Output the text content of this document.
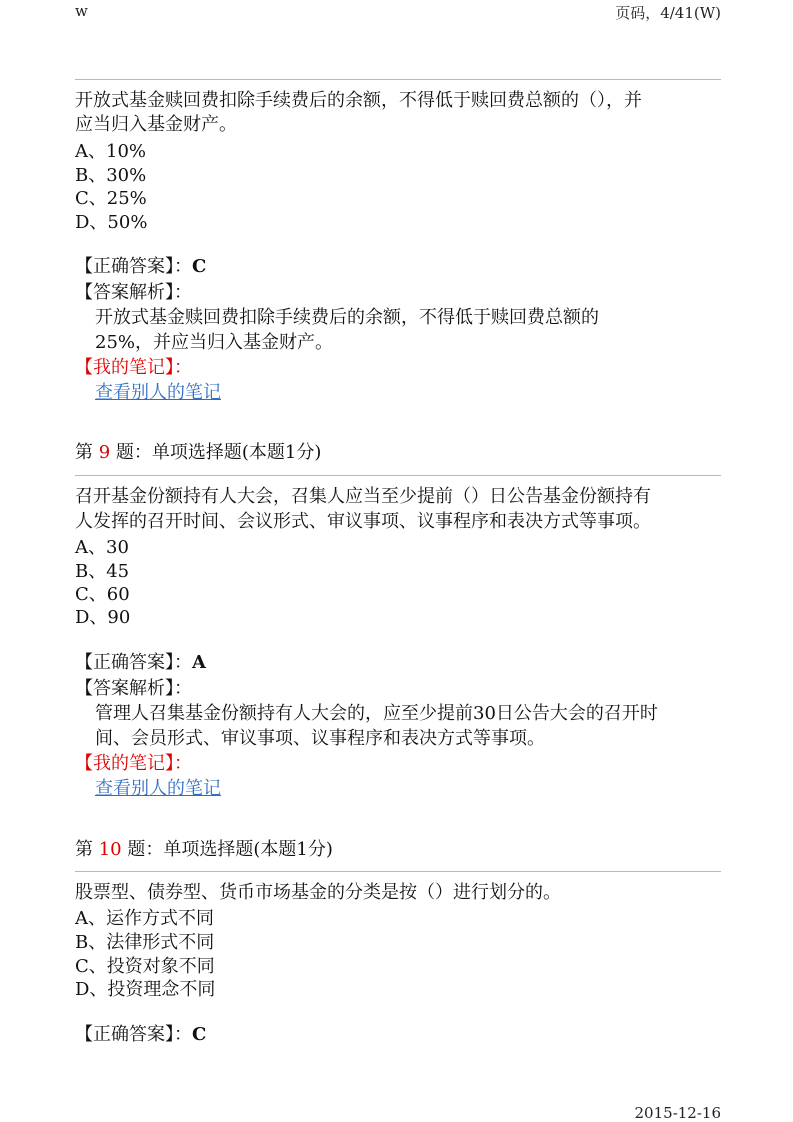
w	页码，4/41(W)
开放式基金赎回费扣除手续费后的余额，不得低于赎回费总额的（），并
应当归入基金财产。
A、10%
B、30%
C、25%
D、50%
【正确答案】：C
【答案解析】：
开放式基金赎回费扣除手续费后的余额，不得低于赎回费总额的
25%，并应当归入基金财产。
【我的笔记】：
查看别人的笔记
第 9 题：单项选择题(本题1分)
召开基金份额持有人大会，召集人应当至少提前（）日公告基金份额持有
人发挥的召开时间、会议形式、审议事项、议事程序和表决方式等事项。
A、30
B、45
C、60
D、90
【正确答案】：A
【答案解析】：
管理人召集基金份额持有人大会的，应至少提前30日公告大会的召开时
间、会员形式、审议事项、议事程序和表决方式等事项。
【我的笔记】：
查看别人的笔记
第 10 题：单项选择题(本题1分)
股票型、债券型、货币市场基金的分类是按（）进行划分的。
A、运作方式不同
B、法律形式不同
C、投资对象不同
D、投资理念不同
【正确答案】：C
2015-12-16
